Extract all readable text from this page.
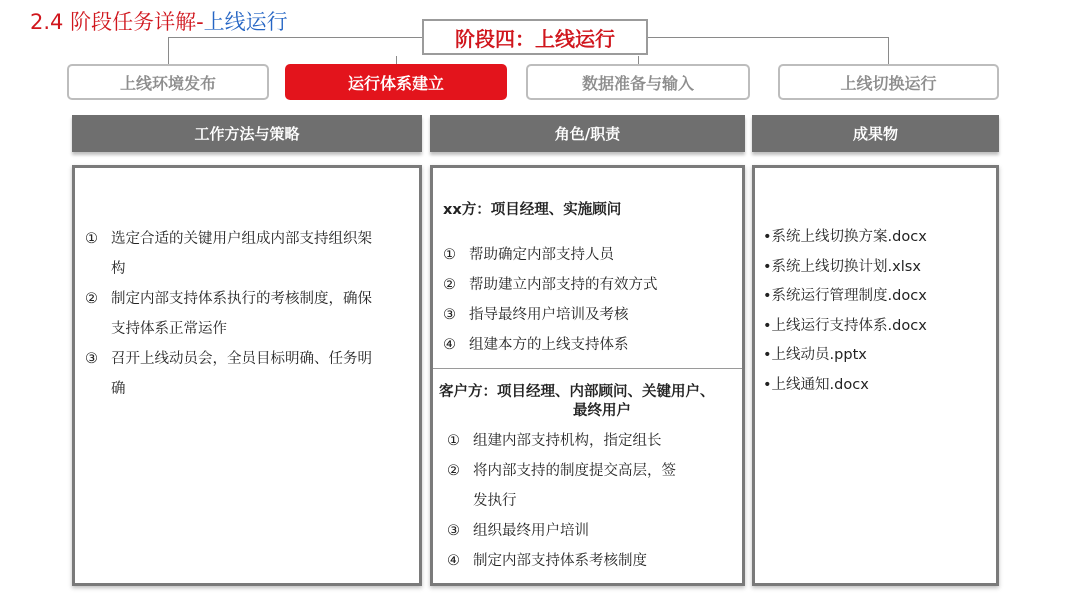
2.4 阶段任务详解-上线运行
阶段四：上线运行
上线环境发布	运行体系建立	数据准备与输入	上线切换运行
工作方法与策略	角色/职责	成果物
① 选定合适的关键用户组成内部支持组织架
构
② 制定内部支持体系执行的考核制度，确保
支持体系正常运作
③ 召开上线动员会，全员目标明确、任务明
确
xx方：项目经理、实施顾问
① 帮助确定内部支持人员
② 帮助建立内部支持的有效方式
③ 指导最终用户培训及考核
④ 组建本方的上线支持体系
客户方：项目经理、内部顾问、关键用户、
最终用户
① 组建内部支持机构，指定组长
② 将内部支持的制度提交高层，签
发执行
③ 组织最终用户培训
④ 制定内部支持体系考核制度
•系统上线切换方案.docx
•系统上线切换计划.xlsx
•系统运行管理制度.docx
•上线运行支持体系.docx
•上线动员.pptx
•上线通知.docx
